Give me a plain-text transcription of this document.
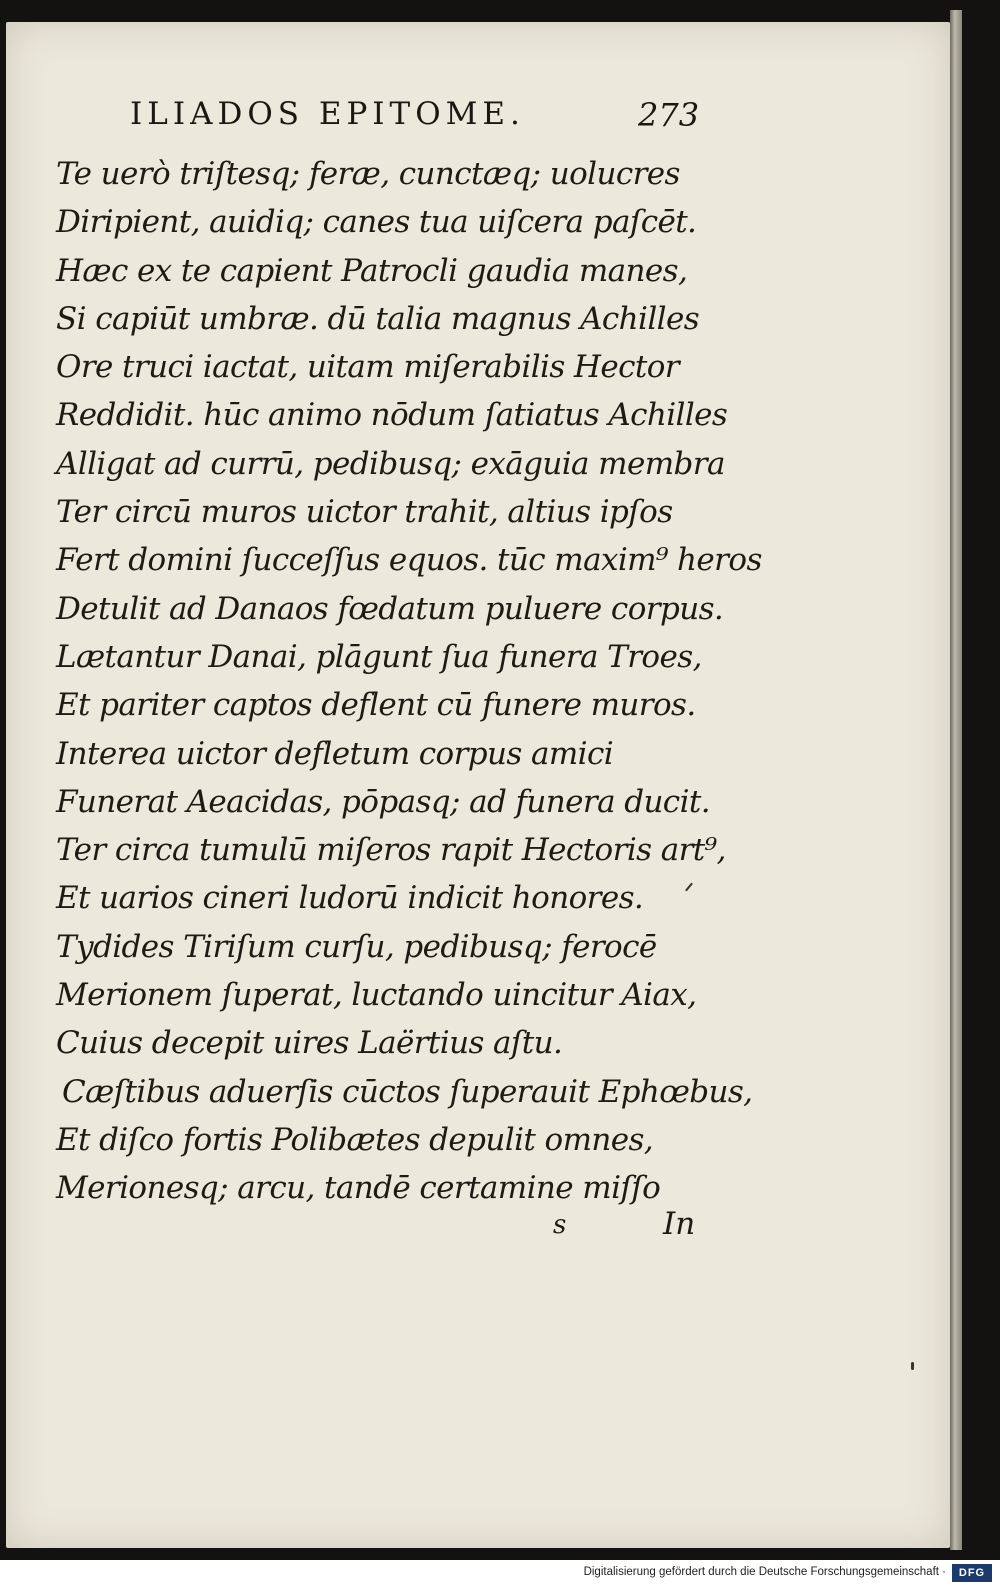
ILIADOS EPITOME.	273
Te uerò triſtesq; feræ, cunctæq; uolucres
Diripient, auidiq; canes tua uiſcera paſcēt.
Hæc ex te capient Patrocli gaudia manes,
Si capiūt umbræ. dū talia magnus Achilles
Ore truci iactat, uitam miſerabilis Hector
Reddidit. hūc animo nōdum ſatiatus Achilles
Alligat ad currū, pedibusq; exāguia membra
Ter circū muros uictor trahit, altius ipſos
Fert domini ſucceſſus equos. tūc maxim⁹ heros
Detulit ad Danaos fœdatum puluere corpus.
Lætantur Danai, plāgunt ſua funera Troes,
Et pariter captos deflent cū funere muros.
Interea uictor defletum corpus amici
Funerat Aeacidas, pōpasq; ad funera ducit.
Ter circa tumulū miſeros rapit Hectoris art⁹,
Et uarios cineri ludorū indicit honores.
Tydides Tiriſum curſu, pedibusq; ferocē
Merionem ſuperat, luctando uincitur Aiax,
Cuius decepit uires Laërtius aſtu.
Cæſtibus aduerſis cūctos ſuperauit Ephœbus,
Et diſco fortis Polibætes depulit omnes,
Merionesq; arcu, tandē certamine miſſo
s	In
Digitalisierung gefördert durch die Deutsche Forschungsgemeinschaft ·	DFG
